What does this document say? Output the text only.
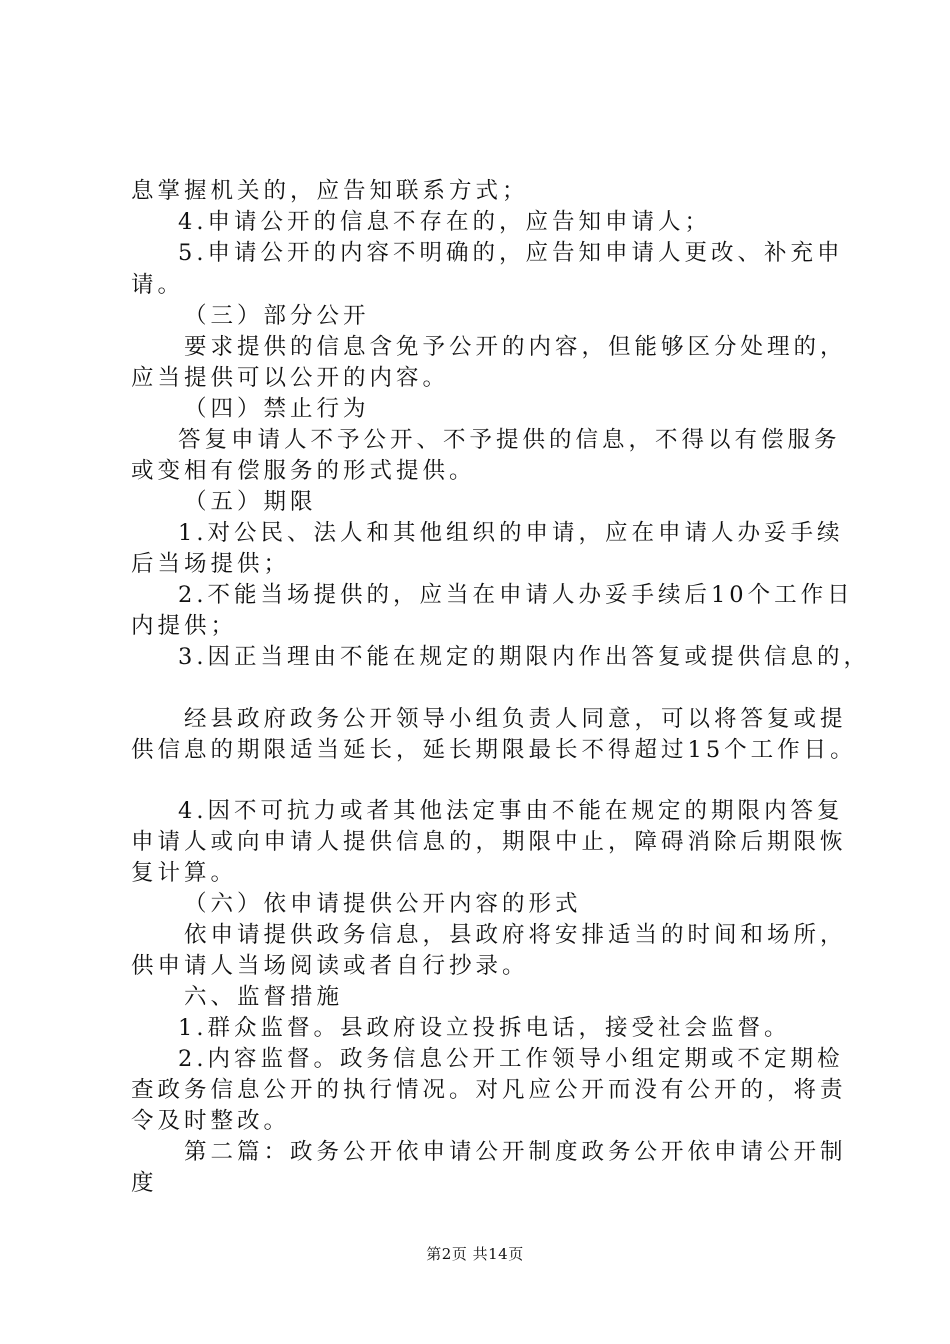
息掌握机关的，应告知联系方式；
4.申请公开的信息不存在的，应告知申请人；
5.申请公开的内容不明确的，应告知申请人更改、补充申
请。
（三）部分公开
要求提供的信息含免予公开的内容，但能够区分处理的，
应当提供可以公开的内容。
（四）禁止行为
答复申请人不予公开、不予提供的信息，不得以有偿服务
或变相有偿服务的形式提供。
（五）期限
1.对公民、法人和其他组织的申请，应在申请人办妥手续
后当场提供；
2.不能当场提供的，应当在申请人办妥手续后10个工作日
内提供；
3.因正当理由不能在规定的期限内作出答复或提供信息的，
经县政府政务公开领导小组负责人同意，可以将答复或提
供信息的期限适当延长，延长期限最长不得超过15个工作日。
4.因不可抗力或者其他法定事由不能在规定的期限内答复
申请人或向申请人提供信息的，期限中止，障碍消除后期限恢
复计算。
（六）依申请提供公开内容的形式
依申请提供政务信息，县政府将安排适当的时间和场所，
供申请人当场阅读或者自行抄录。
六、监督措施
1.群众监督。县政府设立投拆电话，接受社会监督。
2.内容监督。政务信息公开工作领导小组定期或不定期检
查政务信息公开的执行情况。对凡应公开而没有公开的，将责
令及时整改。
第二篇：政务公开依申请公开制度政务公开依申请公开制
度
第2页 共14页
